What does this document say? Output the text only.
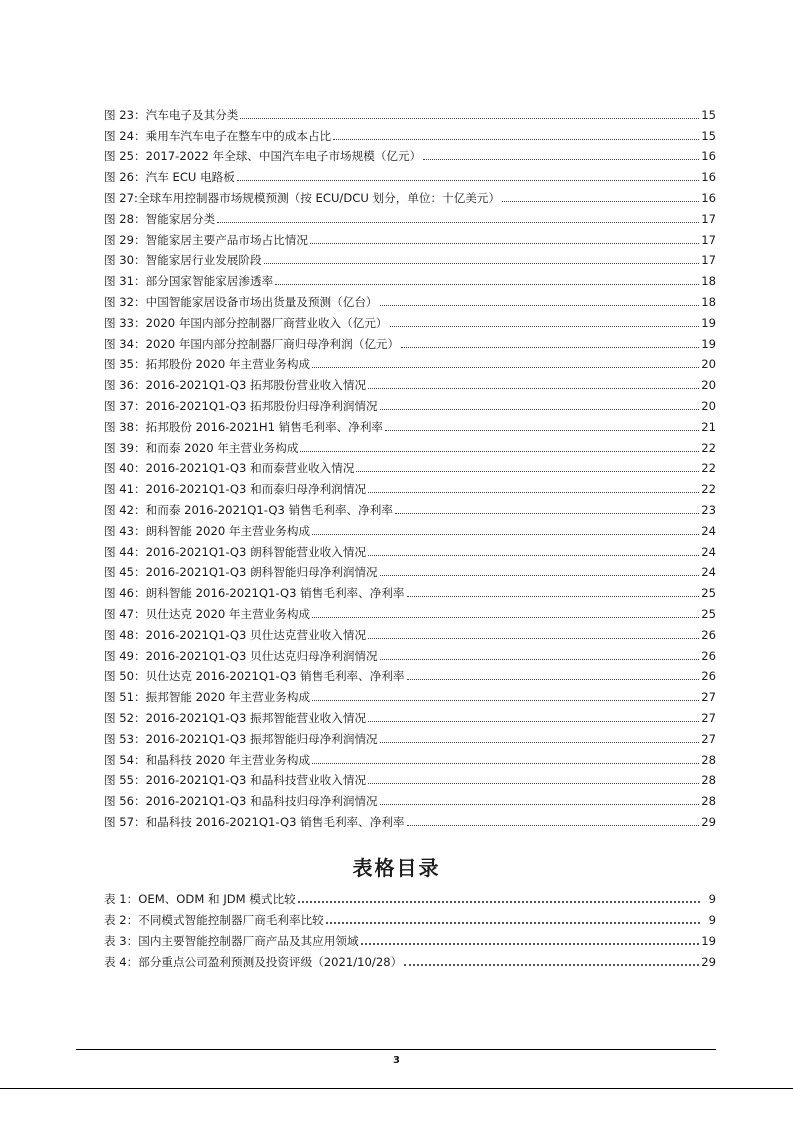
图 23：汽车电子及其分类	15
图 24：乘用车汽车电子在整车中的成本占比	15
图 25：2017-2022 年全球、中国汽车电子市场规模（亿元）	16
图 26：汽车 ECU 电路板	16
图 27:全球车用控制器市场规模预测（按 ECU/DCU 划分，单位：十亿美元）	16
图 28：智能家居分类	17
图 29：智能家居主要产品市场占比情况	17
图 30：智能家居行业发展阶段	17
图 31：部分国家智能家居渗透率	18
图 32：中国智能家居设备市场出货量及预测（亿台）	18
图 33：2020 年国内部分控制器厂商营业收入（亿元）	19
图 34：2020 年国内部分控制器厂商归母净利润（亿元）	19
图 35：拓邦股份 2020 年主营业务构成	20
图 36：2016-2021Q1-Q3 拓邦股份营业收入情况	20
图 37：2016-2021Q1-Q3 拓邦股份归母净利润情况	20
图 38：拓邦股份 2016-2021H1 销售毛利率、净利率	21
图 39：和而泰 2020 年主营业务构成	22
图 40：2016-2021Q1-Q3 和而泰营业收入情况	22
图 41：2016-2021Q1-Q3 和而泰归母净利润情况	22
图 42：和而泰 2016-2021Q1-Q3 销售毛利率、净利率	23
图 43：朗科智能 2020 年主营业务构成	24
图 44：2016-2021Q1-Q3 朗科智能营业收入情况	24
图 45：2016-2021Q1-Q3 朗科智能归母净利润情况	24
图 46：朗科智能 2016-2021Q1-Q3 销售毛利率、净利率	25
图 47：贝仕达克 2020 年主营业务构成	25
图 48：2016-2021Q1-Q3 贝仕达克营业收入情况	26
图 49：2016-2021Q1-Q3 贝仕达克归母净利润情况	26
图 50：贝仕达克 2016-2021Q1-Q3 销售毛利率、净利率	26
图 51：振邦智能 2020 年主营业务构成	27
图 52：2016-2021Q1-Q3 振邦智能营业收入情况	27
图 53：2016-2021Q1-Q3 振邦智能归母净利润情况	27
图 54：和晶科技 2020 年主营业务构成	28
图 55：2016-2021Q1-Q3 和晶科技营业收入情况	28
图 56：2016-2021Q1-Q3 和晶科技归母净利润情况	28
图 57：和晶科技 2016-2021Q1-Q3 销售毛利率、净利率	29
表格目录
表 1：OEM、ODM 和 JDM 模式比较	9
表 2：不同模式智能控制器厂商毛利率比较	9
表 3：国内主要智能控制器厂商产品及其应用领域	19
表 4：部分重点公司盈利预测及投资评级（2021/10/28）	29
3
